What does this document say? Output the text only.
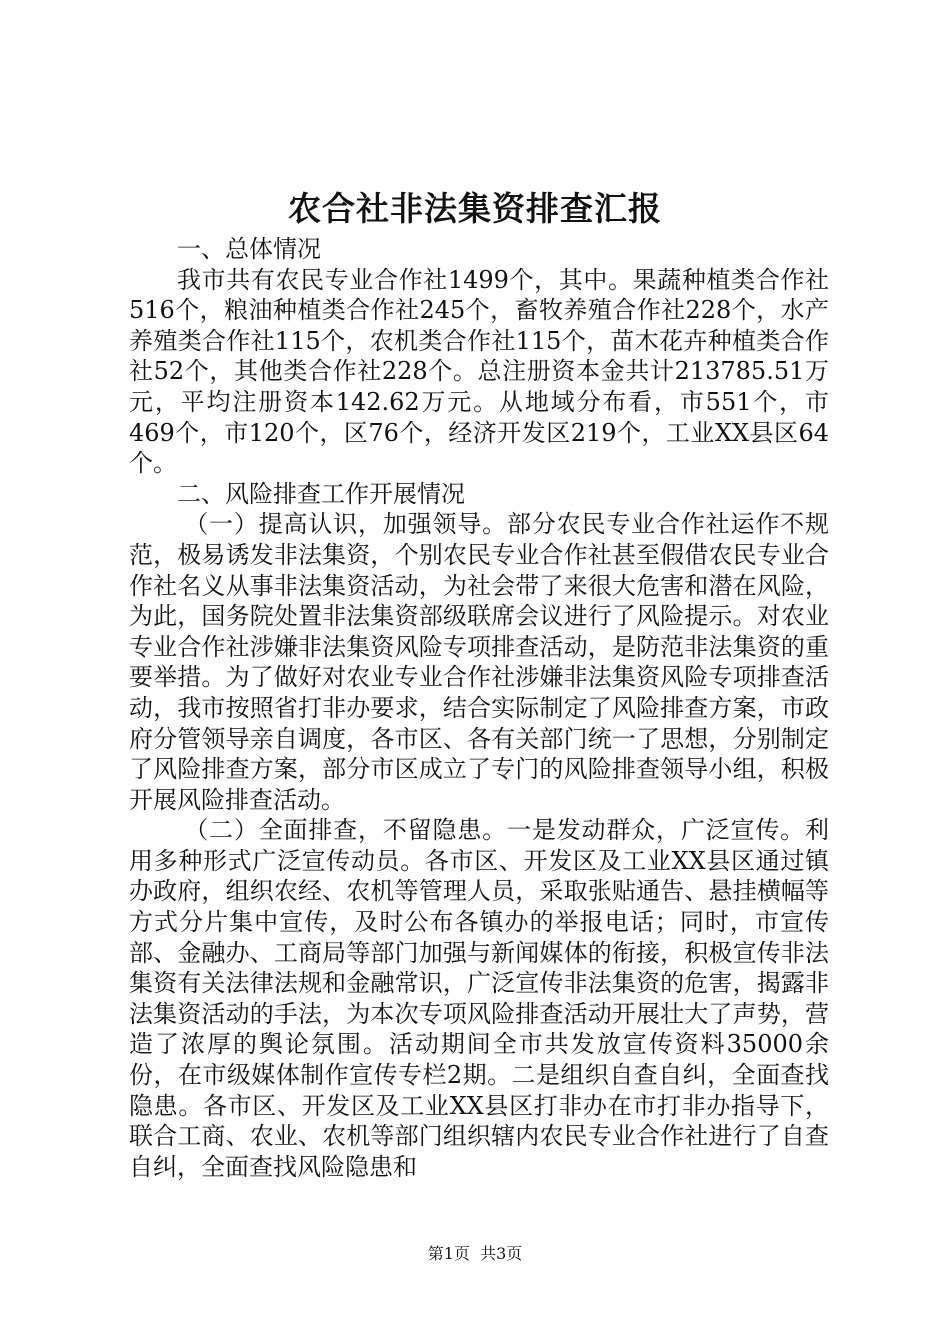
农合社非法集资排查汇报

一、总体情况

我市共有农民专业合作社1499个，其中。果蔬种植类合作社516个，粮油种植类合作社245个，畜牧养殖合作社228个，水产养殖类合作社115个，农机类合作社115个，苗木花卉种植类合作社52个，其他类合作社228个。总注册资本金共计213785.51万元，平均注册资本142.62万元。从地域分布看，市551个，市469个，市120个，区76个，经济开发区219个，工业XX县区64个。

二、风险排查工作开展情况

（一）提高认识，加强领导。部分农民专业合作社运作不规范，极易诱发非法集资，个别农民专业合作社甚至假借农民专业合作社名义从事非法集资活动，为社会带了来很大危害和潜在风险，为此，国务院处置非法集资部级联席会议进行了风险提示。对农业专业合作社涉嫌非法集资风险专项排查活动，是防范非法集资的重要举措。为了做好对农业专业合作社涉嫌非法集资风险专项排查活动，我市按照省打非办要求，结合实际制定了风险排查方案，市政府分管领导亲自调度，各市区、各有关部门统一了思想，分别制定了风险排查方案，部分市区成立了专门的风险排查领导小组，积极开展风险排查活动。

（二）全面排查，不留隐患。一是发动群众，广泛宣传。利用多种形式广泛宣传动员。各市区、开发区及工业XX县区通过镇办政府，组织农经、农机等管理人员，采取张贴通告、悬挂横幅等方式分片集中宣传，及时公布各镇办的举报电话；同时，市宣传部、金融办、工商局等部门加强与新闻媒体的衔接，积极宣传非法集资有关法律法规和金融常识，广泛宣传非法集资的危害，揭露非法集资活动的手法，为本次专项风险排查活动开展壮大了声势，营造了浓厚的舆论氛围。活动期间全市共发放宣传资料35000余份，在市级媒体制作宣传专栏2期。二是组织自查自纠，全面查找隐患。各市区、开发区及工业XX县区打非办在市打非办指导下，联合工商、农业、农机等部门组织辖内农民专业合作社进行了自查自纠，全面查找风险隐患和

第1页 共3页
